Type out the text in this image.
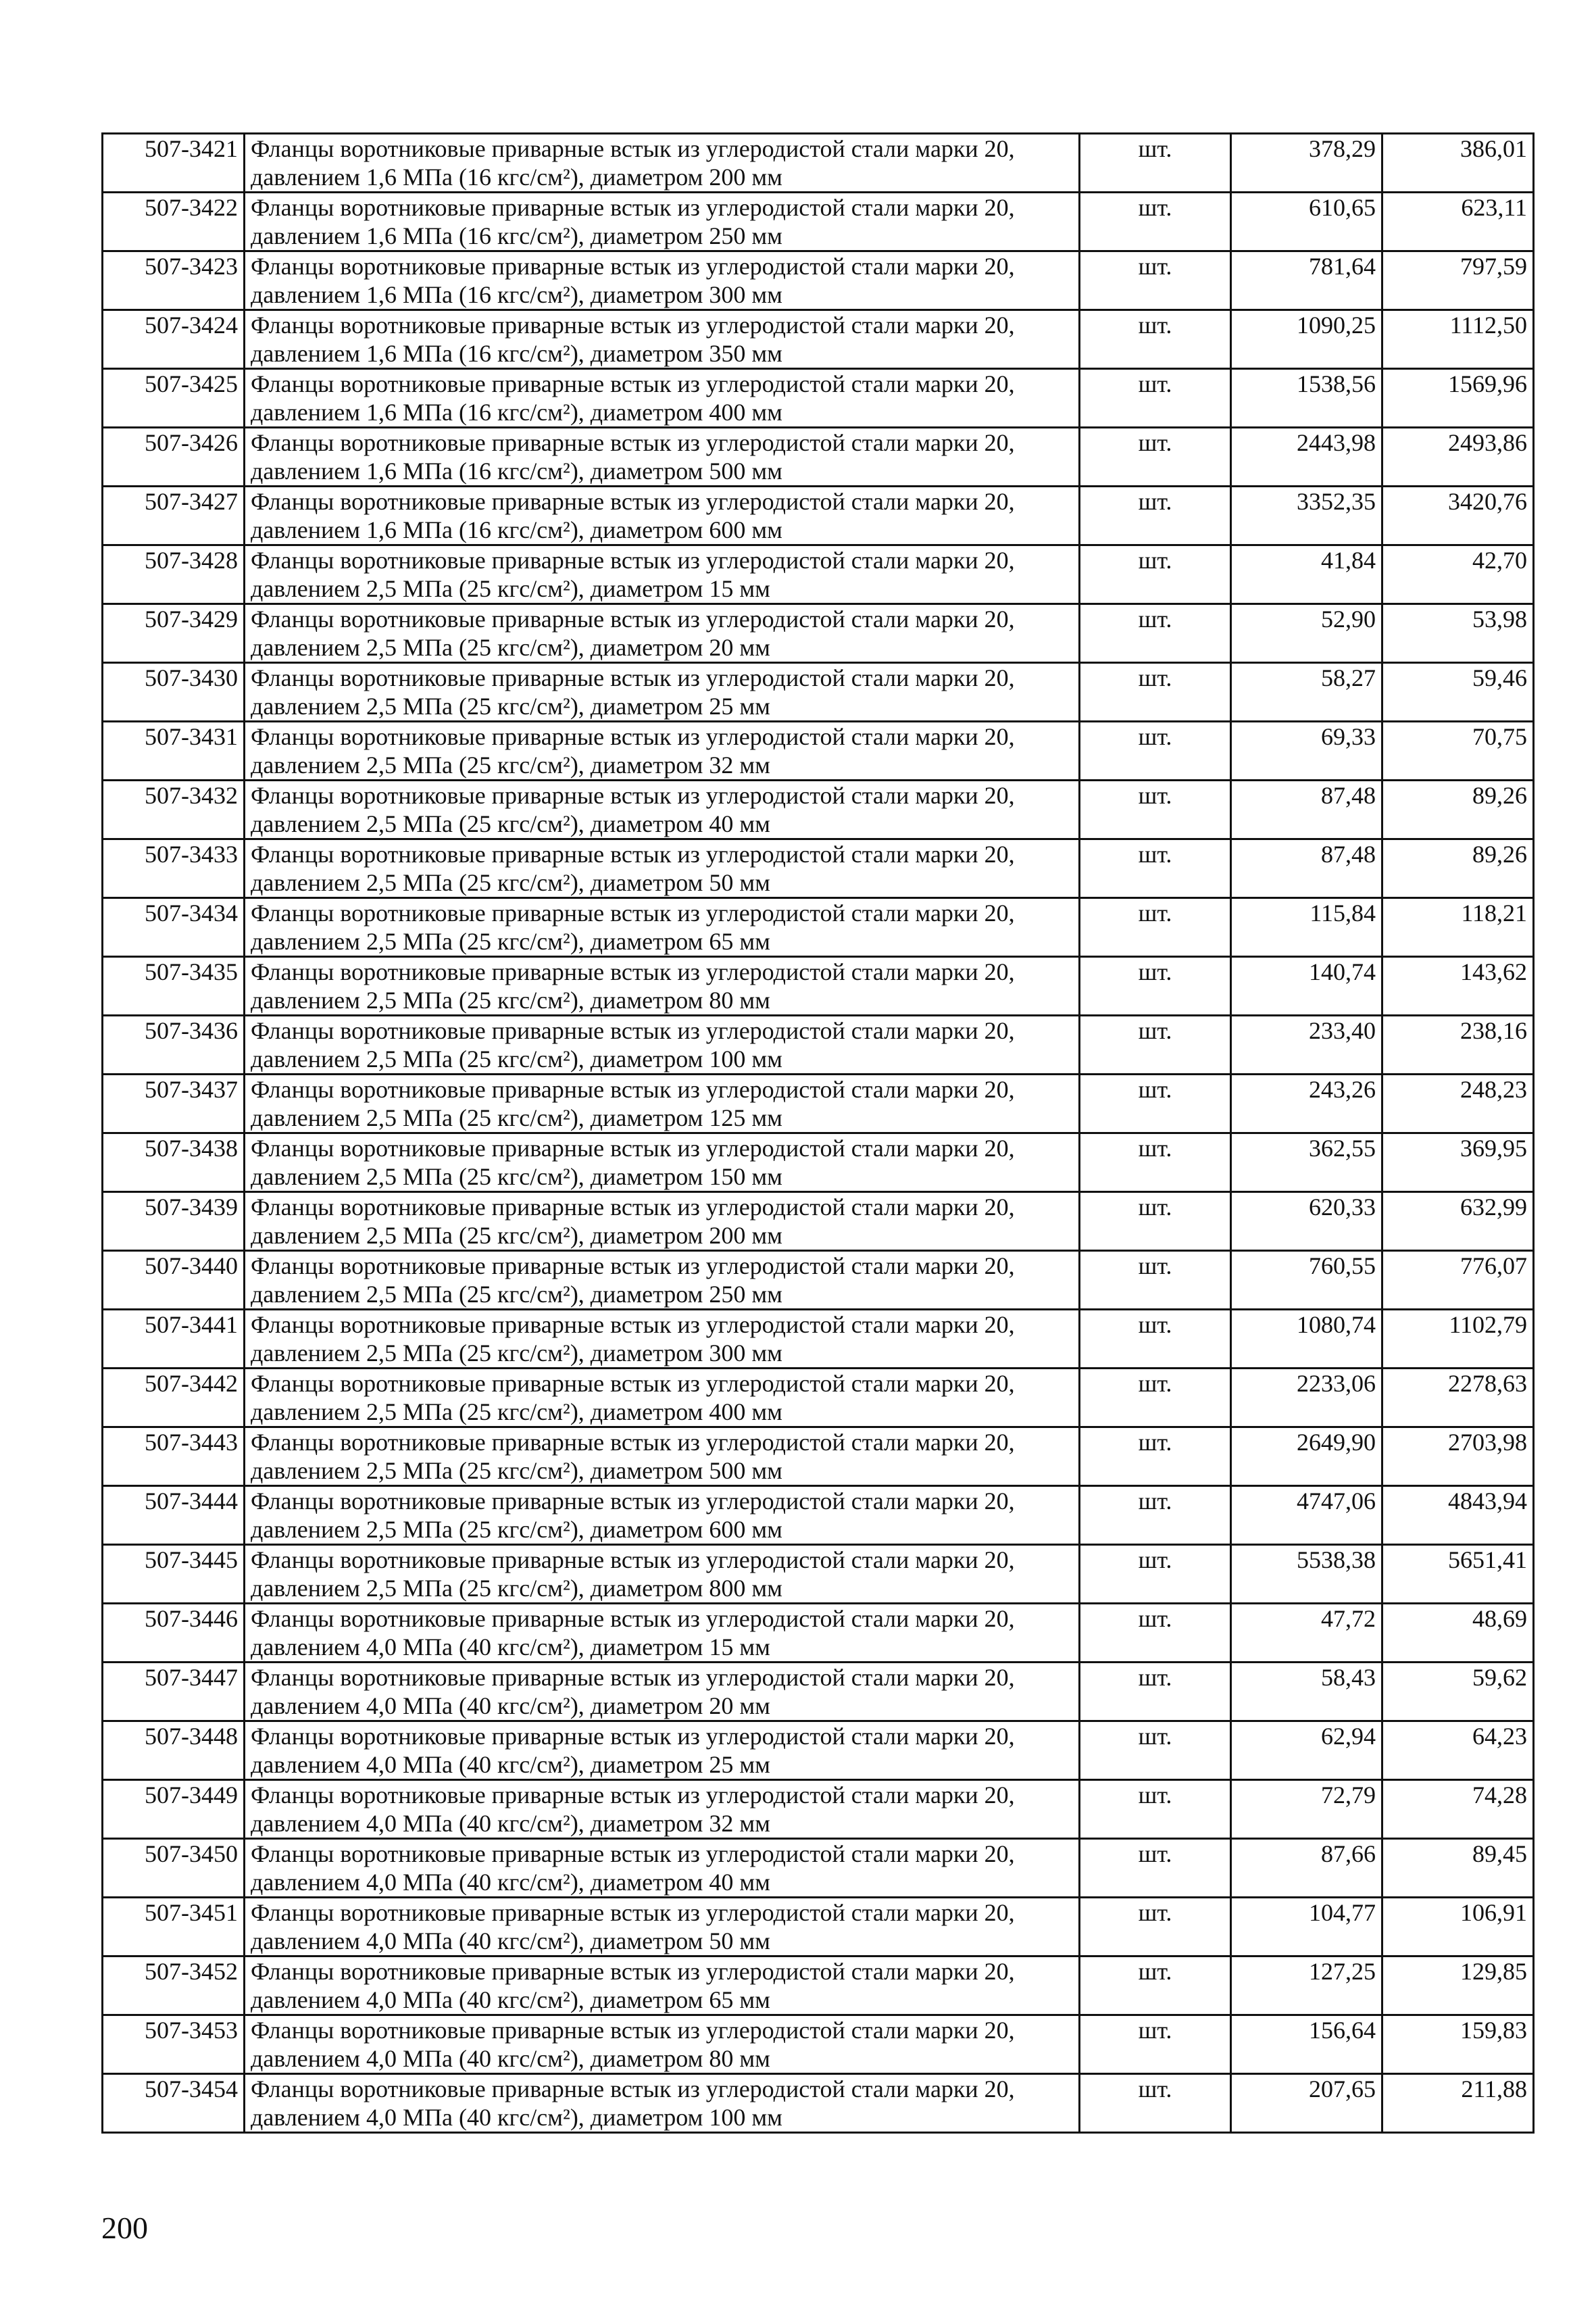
507-3421	Фланцы воротниковые приварные встык из углеродистой стали марки 20,
давлением 1,6 МПа (16 кгс/см²), диаметром 200 мм	шт.	378,29	386,01
507-3422	Фланцы воротниковые приварные встык из углеродистой стали марки 20,
давлением 1,6 МПа (16 кгс/см²), диаметром 250 мм	шт.	610,65	623,11
507-3423	Фланцы воротниковые приварные встык из углеродистой стали марки 20,
давлением 1,6 МПа (16 кгс/см²), диаметром 300 мм	шт.	781,64	797,59
507-3424	Фланцы воротниковые приварные встык из углеродистой стали марки 20,
давлением 1,6 МПа (16 кгс/см²), диаметром 350 мм	шт.	1090,25	1112,50
507-3425	Фланцы воротниковые приварные встык из углеродистой стали марки 20,
давлением 1,6 МПа (16 кгс/см²), диаметром 400 мм	шт.	1538,56	1569,96
507-3426	Фланцы воротниковые приварные встык из углеродистой стали марки 20,
давлением 1,6 МПа (16 кгс/см²), диаметром 500 мм	шт.	2443,98	2493,86
507-3427	Фланцы воротниковые приварные встык из углеродистой стали марки 20,
давлением 1,6 МПа (16 кгс/см²), диаметром 600 мм	шт.	3352,35	3420,76
507-3428	Фланцы воротниковые приварные встык из углеродистой стали марки 20,
давлением 2,5 МПа (25 кгс/см²), диаметром 15 мм	шт.	41,84	42,70
507-3429	Фланцы воротниковые приварные встык из углеродистой стали марки 20,
давлением 2,5 МПа (25 кгс/см²), диаметром 20 мм	шт.	52,90	53,98
507-3430	Фланцы воротниковые приварные встык из углеродистой стали марки 20,
давлением 2,5 МПа (25 кгс/см²), диаметром 25 мм	шт.	58,27	59,46
507-3431	Фланцы воротниковые приварные встык из углеродистой стали марки 20,
давлением 2,5 МПа (25 кгс/см²), диаметром 32 мм	шт.	69,33	70,75
507-3432	Фланцы воротниковые приварные встык из углеродистой стали марки 20,
давлением 2,5 МПа (25 кгс/см²), диаметром 40 мм	шт.	87,48	89,26
507-3433	Фланцы воротниковые приварные встык из углеродистой стали марки 20,
давлением 2,5 МПа (25 кгс/см²), диаметром 50 мм	шт.	87,48	89,26
507-3434	Фланцы воротниковые приварные встык из углеродистой стали марки 20,
давлением 2,5 МПа (25 кгс/см²), диаметром 65 мм	шт.	115,84	118,21
507-3435	Фланцы воротниковые приварные встык из углеродистой стали марки 20,
давлением 2,5 МПа (25 кгс/см²), диаметром 80 мм	шт.	140,74	143,62
507-3436	Фланцы воротниковые приварные встык из углеродистой стали марки 20,
давлением 2,5 МПа (25 кгс/см²), диаметром 100 мм	шт.	233,40	238,16
507-3437	Фланцы воротниковые приварные встык из углеродистой стали марки 20,
давлением 2,5 МПа (25 кгс/см²), диаметром 125 мм	шт.	243,26	248,23
507-3438	Фланцы воротниковые приварные встык из углеродистой стали марки 20,
давлением 2,5 МПа (25 кгс/см²), диаметром 150 мм	шт.	362,55	369,95
507-3439	Фланцы воротниковые приварные встык из углеродистой стали марки 20,
давлением 2,5 МПа (25 кгс/см²), диаметром 200 мм	шт.	620,33	632,99
507-3440	Фланцы воротниковые приварные встык из углеродистой стали марки 20,
давлением 2,5 МПа (25 кгс/см²), диаметром 250 мм	шт.	760,55	776,07
507-3441	Фланцы воротниковые приварные встык из углеродистой стали марки 20,
давлением 2,5 МПа (25 кгс/см²), диаметром 300 мм	шт.	1080,74	1102,79
507-3442	Фланцы воротниковые приварные встык из углеродистой стали марки 20,
давлением 2,5 МПа (25 кгс/см²), диаметром 400 мм	шт.	2233,06	2278,63
507-3443	Фланцы воротниковые приварные встык из углеродистой стали марки 20,
давлением 2,5 МПа (25 кгс/см²), диаметром 500 мм	шт.	2649,90	2703,98
507-3444	Фланцы воротниковые приварные встык из углеродистой стали марки 20,
давлением 2,5 МПа (25 кгс/см²), диаметром 600 мм	шт.	4747,06	4843,94
507-3445	Фланцы воротниковые приварные встык из углеродистой стали марки 20,
давлением 2,5 МПа (25 кгс/см²), диаметром 800 мм	шт.	5538,38	5651,41
507-3446	Фланцы воротниковые приварные встык из углеродистой стали марки 20,
давлением 4,0 МПа (40 кгс/см²), диаметром 15 мм	шт.	47,72	48,69
507-3447	Фланцы воротниковые приварные встык из углеродистой стали марки 20,
давлением 4,0 МПа (40 кгс/см²), диаметром 20 мм	шт.	58,43	59,62
507-3448	Фланцы воротниковые приварные встык из углеродистой стали марки 20,
давлением 4,0 МПа (40 кгс/см²), диаметром 25 мм	шт.	62,94	64,23
507-3449	Фланцы воротниковые приварные встык из углеродистой стали марки 20,
давлением 4,0 МПа (40 кгс/см²), диаметром 32 мм	шт.	72,79	74,28
507-3450	Фланцы воротниковые приварные встык из углеродистой стали марки 20,
давлением 4,0 МПа (40 кгс/см²), диаметром 40 мм	шт.	87,66	89,45
507-3451	Фланцы воротниковые приварные встык из углеродистой стали марки 20,
давлением 4,0 МПа (40 кгс/см²), диаметром 50 мм	шт.	104,77	106,91
507-3452	Фланцы воротниковые приварные встык из углеродистой стали марки 20,
давлением 4,0 МПа (40 кгс/см²), диаметром 65 мм	шт.	127,25	129,85
507-3453	Фланцы воротниковые приварные встык из углеродистой стали марки 20,
давлением 4,0 МПа (40 кгс/см²), диаметром 80 мм	шт.	156,64	159,83
507-3454	Фланцы воротниковые приварные встык из углеродистой стали марки 20,
давлением 4,0 МПа (40 кгс/см²), диаметром 100 мм	шт.	207,65	211,88
200
